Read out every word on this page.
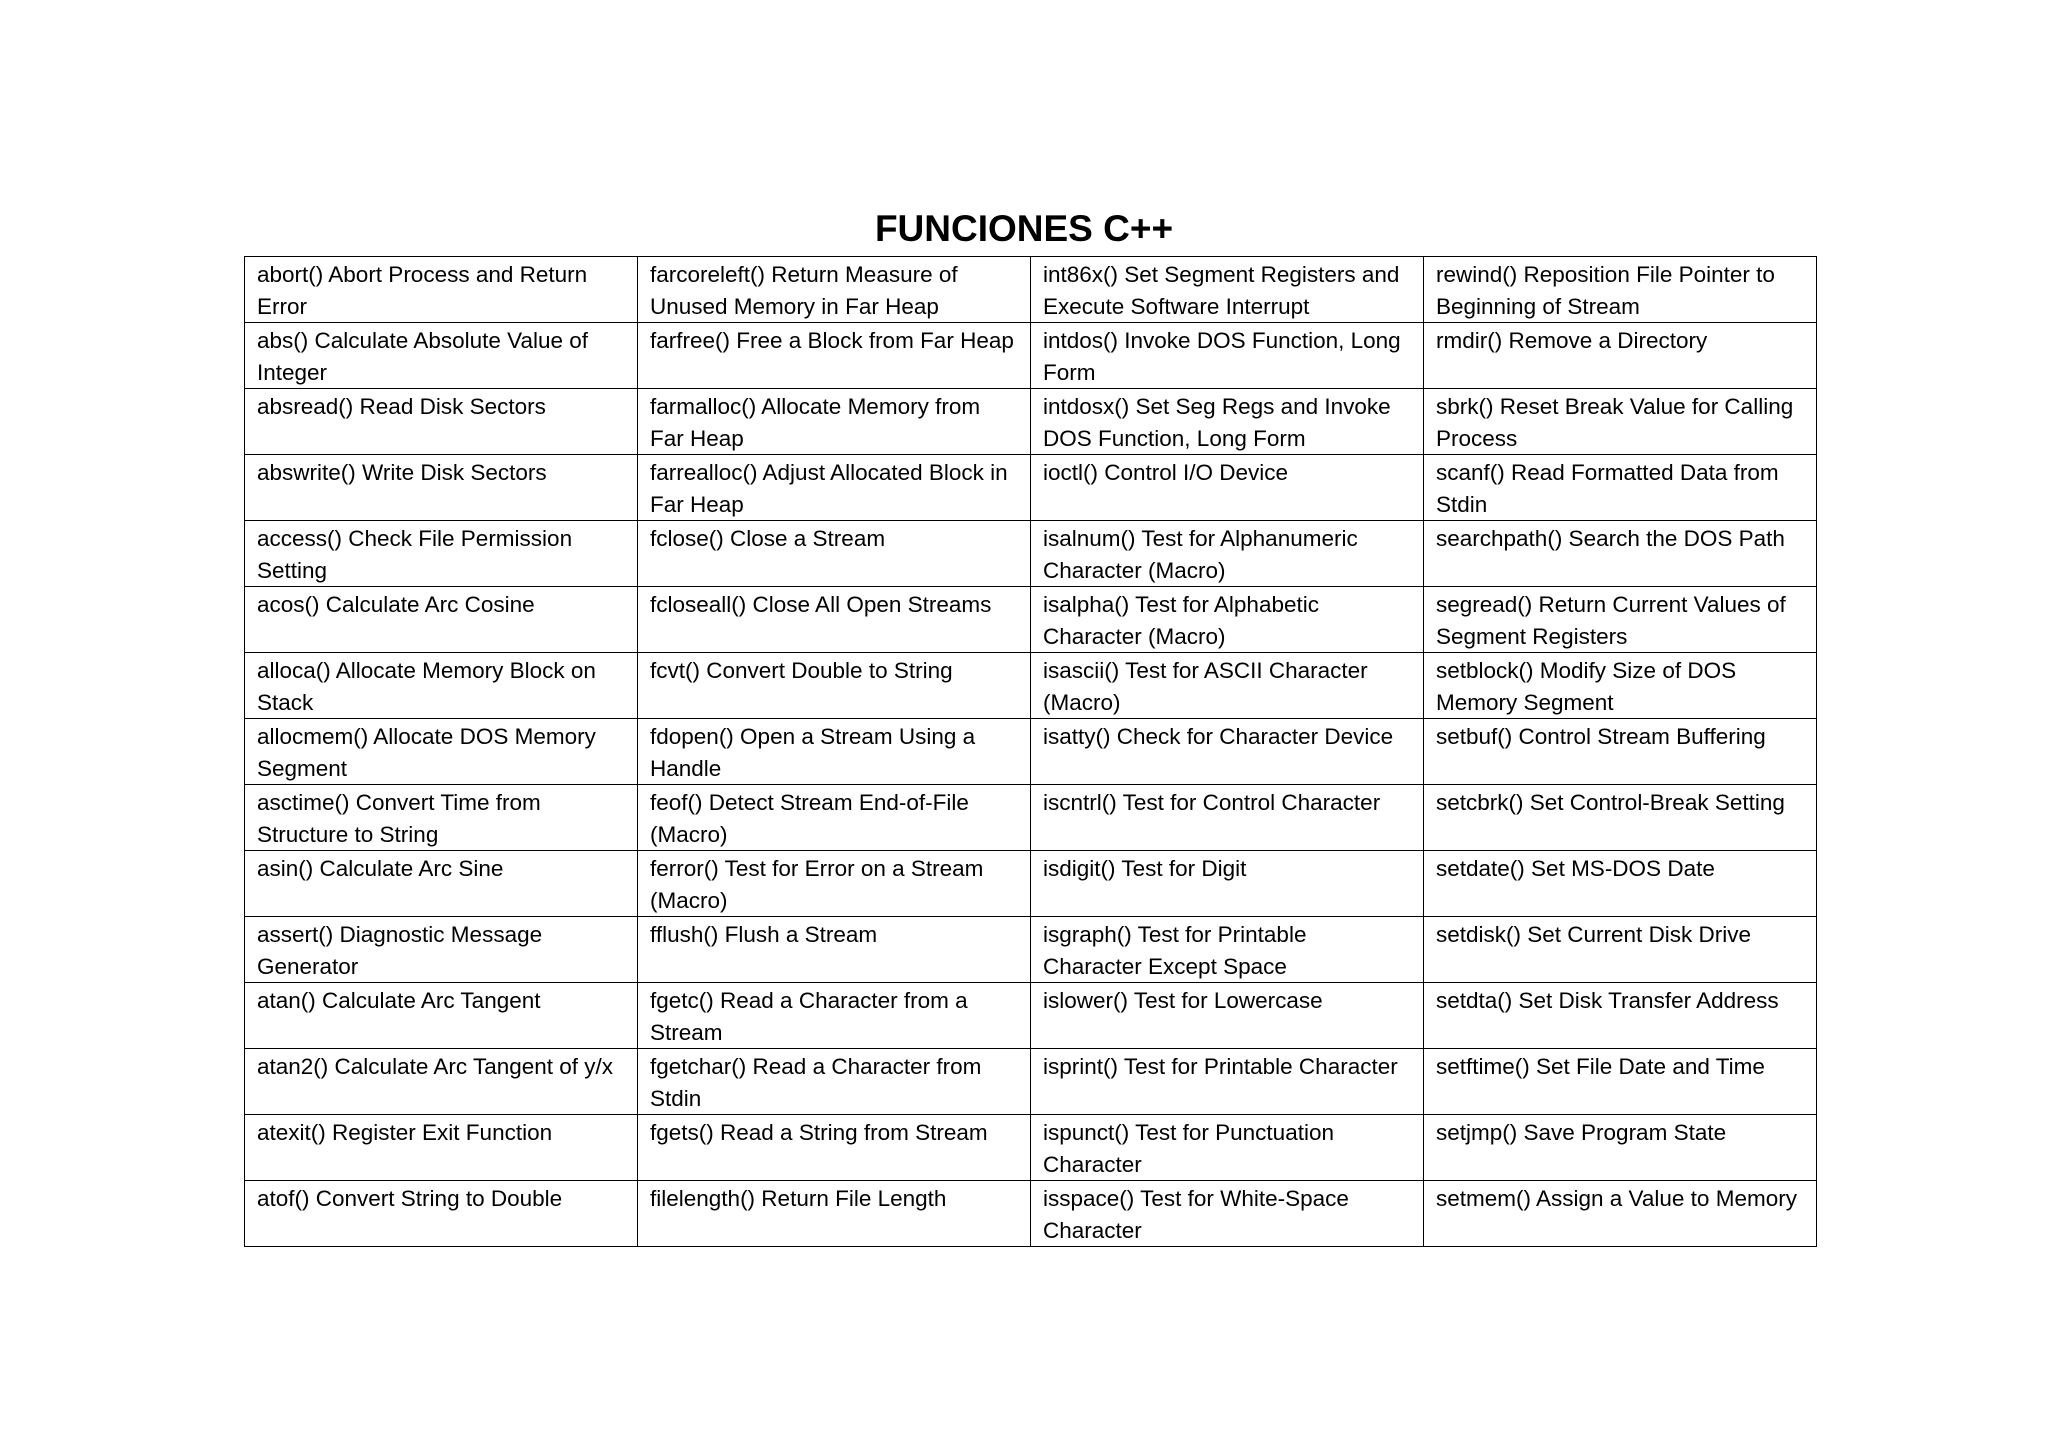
FUNCIONES C++
abort() Abort Process and Return Error	farcoreleft() Return Measure of Unused Memory in Far Heap	int86x() Set Segment Registers and Execute Software Interrupt	rewind() Reposition File Pointer to Beginning of Stream
abs() Calculate Absolute Value of Integer	farfree() Free a Block from Far Heap	intdos() Invoke DOS Function, Long Form	rmdir() Remove a Directory
absread() Read Disk Sectors	farmalloc() Allocate Memory from Far Heap	intdosx() Set Seg Regs and Invoke DOS Function, Long Form	sbrk() Reset Break Value for Calling Process
abswrite() Write Disk Sectors	farrealloc() Adjust Allocated Block in Far Heap	ioctl() Control I/O Device	scanf() Read Formatted Data from Stdin
access() Check File Permission Setting	fclose() Close a Stream	isalnum() Test for Alphanumeric Character (Macro)	searchpath() Search the DOS Path
acos() Calculate Arc Cosine	fcloseall() Close All Open Streams	isalpha() Test for Alphabetic Character (Macro)	segread() Return Current Values of Segment Registers
alloca() Allocate Memory Block on Stack	fcvt() Convert Double to String	isascii() Test for ASCII Character (Macro)	setblock() Modify Size of DOS Memory Segment
allocmem() Allocate DOS Memory Segment	fdopen() Open a Stream Using a Handle	isatty() Check for Character Device	setbuf() Control Stream Buffering
asctime() Convert Time from Structure to String	feof() Detect Stream End-of-File (Macro)	iscntrl() Test for Control Character	setcbrk() Set Control-Break Setting
asin() Calculate Arc Sine	ferror() Test for Error on a Stream (Macro)	isdigit() Test for Digit	setdate() Set MS-DOS Date
assert() Diagnostic Message Generator	fflush() Flush a Stream	isgraph() Test for Printable Character Except Space	setdisk() Set Current Disk Drive
atan() Calculate Arc Tangent	fgetc() Read a Character from a Stream	islower() Test for Lowercase	setdta() Set Disk Transfer Address
atan2() Calculate Arc Tangent of y/x	fgetchar() Read a Character from Stdin	isprint() Test for Printable Character	setftime() Set File Date and Time
atexit() Register Exit Function	fgets() Read a String from Stream	ispunct() Test for Punctuation Character	setjmp() Save Program State
atof() Convert String to Double	filelength() Return File Length	isspace() Test for White-Space Character	setmem() Assign a Value to Memory
